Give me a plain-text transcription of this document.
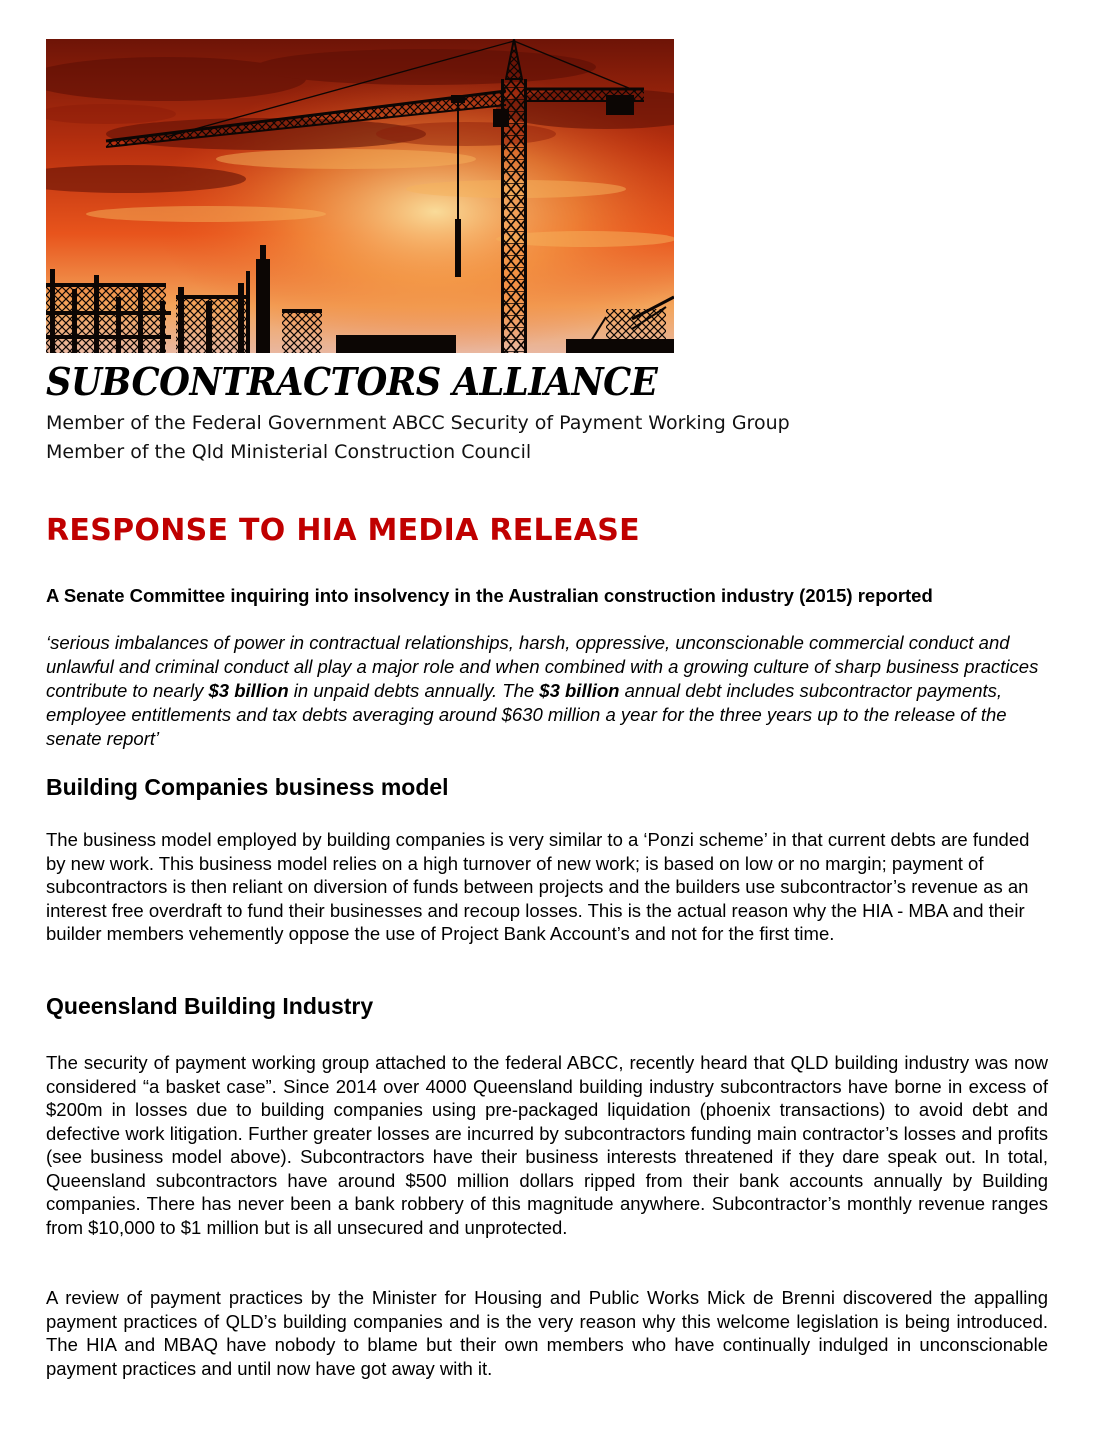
SUBCONTRACTORS ALLIANCE
Member of the Federal Government ABCC Security of Payment Working Group
Member of the Qld Ministerial Construction Council
RESPONSE TO HIA MEDIA RELEASE
A Senate Committee inquiring into insolvency in the Australian construction industry (2015) reported

‘serious imbalances of power in contractual relationships, harsh, oppressive, unconscionable commercial conduct and unlawful and criminal conduct all play a major role and when combined with a growing culture of sharp business practices contribute to nearly $3 billion in unpaid debts annually. The $3 billion annual debt includes subcontractor payments, employee entitlements and tax debts averaging around $630 million a year for the three years up to the release of the senate report’

Building Companies business model

The business model employed by building companies is very similar to a ‘Ponzi scheme’ in that current debts are funded by new work. This business model relies on a high turnover of new work; is based on low or no margin; payment of subcontractors is then reliant on diversion of funds between projects and the builders use subcontractor’s revenue as an interest free overdraft to fund their businesses and recoup losses. This is the actual reason why the HIA - MBA and their builder members vehemently oppose the use of Project Bank Account’s and not for the first time.

Queensland Building Industry

The security of payment working group attached to the federal ABCC, recently heard that QLD building industry was now considered “a basket case”. Since 2014 over 4000 Queensland building industry subcontractors have borne in excess of $200m in losses due to building companies using pre-packaged liquidation (phoenix transactions) to avoid debt and defective work litigation. Further greater losses are incurred by subcontractors funding main contractor’s losses and profits (see business model above). Subcontractors have their business interests threatened if they dare speak out. In total, Queensland subcontractors have around $500 million dollars ripped from their bank accounts annually by Building companies. There has never been a bank robbery of this magnitude anywhere. Subcontractor’s monthly revenue ranges from $10,000 to $1 million but is all unsecured and unprotected.

A review of payment practices by the Minister for Housing and Public Works Mick de Brenni discovered the appalling payment practices of QLD’s building companies and is the very reason why this welcome legislation is being introduced. The HIA and MBAQ have nobody to blame but their own members who have continually indulged in unconscionable payment practices and until now have got away with it.
